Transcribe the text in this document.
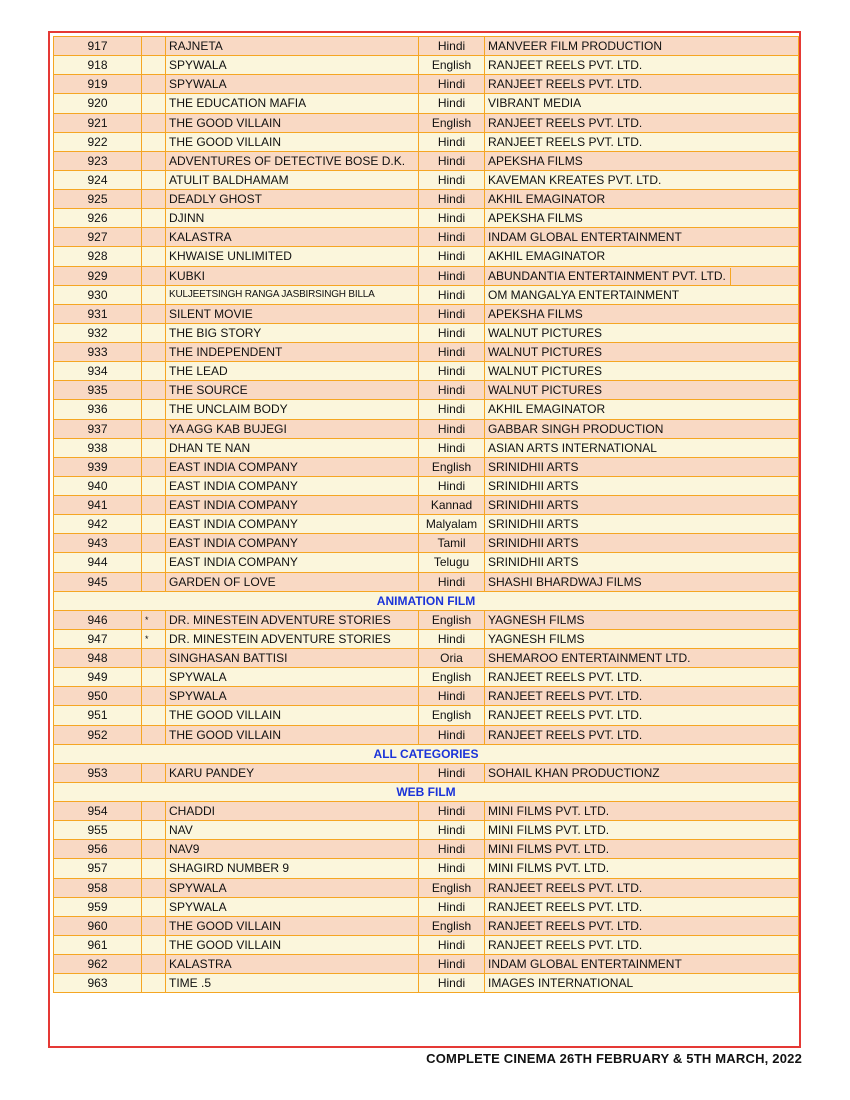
917		RAJNETA	Hindi	MANVEER FILM PRODUCTION
918		SPYWALA	English	RANJEET REELS PVT. LTD.
919		SPYWALA	Hindi	RANJEET REELS PVT. LTD.
920		THE EDUCATION MAFIA	Hindi	VIBRANT MEDIA
921		THE GOOD VILLAIN	English	RANJEET REELS PVT. LTD.
922		THE GOOD VILLAIN	Hindi	RANJEET REELS PVT. LTD.
923		ADVENTURES OF DETECTIVE BOSE D.K.	Hindi	APEKSHA FILMS
924		ATULIT BALDHAMAM	Hindi	KAVEMAN KREATES PVT. LTD.
925		DEADLY GHOST	Hindi	AKHIL EMAGINATOR
926		DJINN	Hindi	APEKSHA FILMS
927		KALASTRA	Hindi	INDAM GLOBAL ENTERTAINMENT
928		KHWAISE UNLIMITED	Hindi	AKHIL EMAGINATOR
929		KUBKI	Hindi	ABUNDANTIA ENTERTAINMENT PVT. LTD.
930		KULJEETSINGH RANGA JASBIRSINGH BILLA	Hindi	OM MANGALYA ENTERTAINMENT
931		SILENT MOVIE	Hindi	APEKSHA FILMS
932		THE BIG STORY	Hindi	WALNUT PICTURES
933		THE INDEPENDENT	Hindi	WALNUT PICTURES
934		THE LEAD	Hindi	WALNUT PICTURES
935		THE SOURCE	Hindi	WALNUT PICTURES
936		THE UNCLAIM BODY	Hindi	AKHIL EMAGINATOR
937		YA AGG KAB BUJEGI	Hindi	GABBAR SINGH PRODUCTION
938		DHAN TE NAN	Hindi	ASIAN ARTS INTERNATIONAL
939		EAST INDIA COMPANY	English	SRINIDHII ARTS
940		EAST INDIA COMPANY	Hindi	SRINIDHII ARTS
941		EAST INDIA COMPANY	Kannad	SRINIDHII ARTS
942		EAST INDIA COMPANY	Malyalam	SRINIDHII ARTS
943		EAST INDIA COMPANY	Tamil	SRINIDHII ARTS
944		EAST INDIA COMPANY	Telugu	SRINIDHII ARTS
945		GARDEN OF LOVE	Hindi	SHASHI BHARDWAJ FILMS
ANIMATION FILM				
946	*	DR. MINESTEIN ADVENTURE STORIES	English	YAGNESH FILMS
947	*	DR. MINESTEIN ADVENTURE STORIES	Hindi	YAGNESH FILMS
948		SINGHASAN BATTISI	Oria	SHEMAROO ENTERTAINMENT LTD.
949		SPYWALA	English	RANJEET REELS PVT. LTD.
950		SPYWALA	Hindi	RANJEET REELS PVT. LTD.
951		THE GOOD VILLAIN	English	RANJEET REELS PVT. LTD.
952		THE GOOD VILLAIN	Hindi	RANJEET REELS PVT. LTD.
ALL CATEGORIES				
953		KARU PANDEY	Hindi	SOHAIL KHAN PRODUCTIONZ
WEB FILM				
954		CHADDI	Hindi	MINI FILMS PVT. LTD.
955		NAV	Hindi	MINI FILMS PVT. LTD.
956		NAV9	Hindi	MINI FILMS PVT. LTD.
957		SHAGIRD NUMBER 9	Hindi	MINI FILMS PVT. LTD.
958		SPYWALA	English	RANJEET REELS PVT. LTD.
959		SPYWALA	Hindi	RANJEET REELS PVT. LTD.
960		THE GOOD VILLAIN	English	RANJEET REELS PVT. LTD.
961		THE GOOD VILLAIN	Hindi	RANJEET REELS PVT. LTD.
962		KALASTRA	Hindi	INDAM GLOBAL ENTERTAINMENT
963		TIME .5	Hindi	IMAGES INTERNATIONAL
COMPLETE CINEMA 26TH FEBRUARY & 5TH MARCH, 2022
